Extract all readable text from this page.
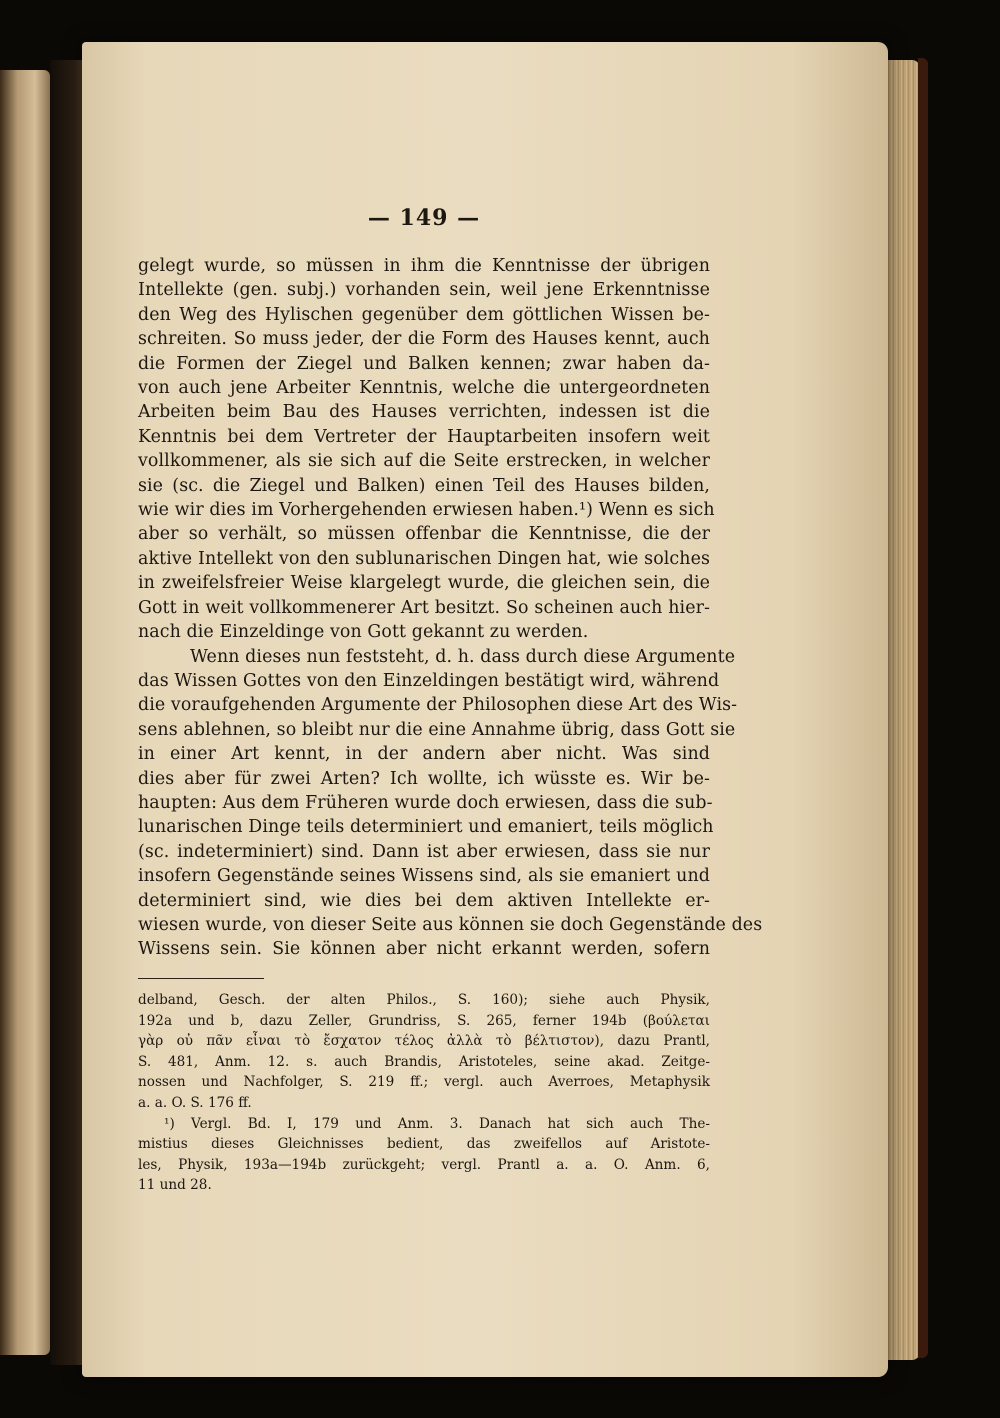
— 149 —
gelegt wurde, so müssen in ihm die Kenntnisse der übrigen
Intellekte (gen. subj.) vorhanden sein, weil jene Erkenntnisse
den Weg des Hylischen gegenüber dem göttlichen Wissen be-
schreiten. So muss jeder, der die Form des Hauses kennt, auch
die Formen der Ziegel und Balken kennen; zwar haben da-
von auch jene Arbeiter Kenntnis, welche die untergeordneten
Arbeiten beim Bau des Hauses verrichten, indessen ist die
Kenntnis bei dem Vertreter der Hauptarbeiten insofern weit
vollkommener, als sie sich auf die Seite erstrecken, in welcher
sie (sc. die Ziegel und Balken) einen Teil des Hauses bilden,
wie wir dies im Vorhergehenden erwiesen haben.¹) Wenn es sich
aber so verhält, so müssen offenbar die Kenntnisse, die der
aktive Intellekt von den sublunarischen Dingen hat, wie solches
in zweifelsfreier Weise klargelegt wurde, die gleichen sein, die
Gott in weit vollkommenerer Art besitzt. So scheinen auch hier-
nach die Einzeldinge von Gott gekannt zu werden.
Wenn dieses nun feststeht, d. h. dass durch diese Argumente
das Wissen Gottes von den Einzeldingen bestätigt wird, während
die voraufgehenden Argumente der Philosophen diese Art des Wis-
sens ablehnen, so bleibt nur die eine Annahme übrig, dass Gott sie
in einer Art kennt, in der andern aber nicht. Was sind
dies aber für zwei Arten? Ich wollte, ich wüsste es. Wir be-
haupten: Aus dem Früheren wurde doch erwiesen, dass die sub-
lunarischen Dinge teils determiniert und emaniert, teils möglich
(sc. indeterminiert) sind. Dann ist aber erwiesen, dass sie nur
insofern Gegenstände seines Wissens sind, als sie emaniert und
determiniert sind, wie dies bei dem aktiven Intellekte er-
wiesen wurde, von dieser Seite aus können sie doch Gegenstände des
Wissens sein. Sie können aber nicht erkannt werden, sofern
delband, Gesch. der alten Philos., S. 160); siehe auch Physik,
192a und b, dazu Zeller, Grundriss, S. 265, ferner 194b (βούλεται
γὰρ οὐ πᾶν εἶναι τὸ ἔσχατον τέλος ἀλλὰ τὸ βέλτιστον), dazu Prantl,
S. 481, Anm. 12. s. auch Brandis, Aristoteles, seine akad. Zeitge-
nossen und Nachfolger, S. 219 ff.; vergl. auch Averroes, Metaphysik
a. a. O. S. 176 ff.
¹) Vergl. Bd. I, 179 und Anm. 3. Danach hat sich auch The-
mistius dieses Gleichnisses bedient, das zweifellos auf Aristote-
les, Physik, 193a—194b zurückgeht; vergl. Prantl a. a. O. Anm. 6,
11 und 28.
